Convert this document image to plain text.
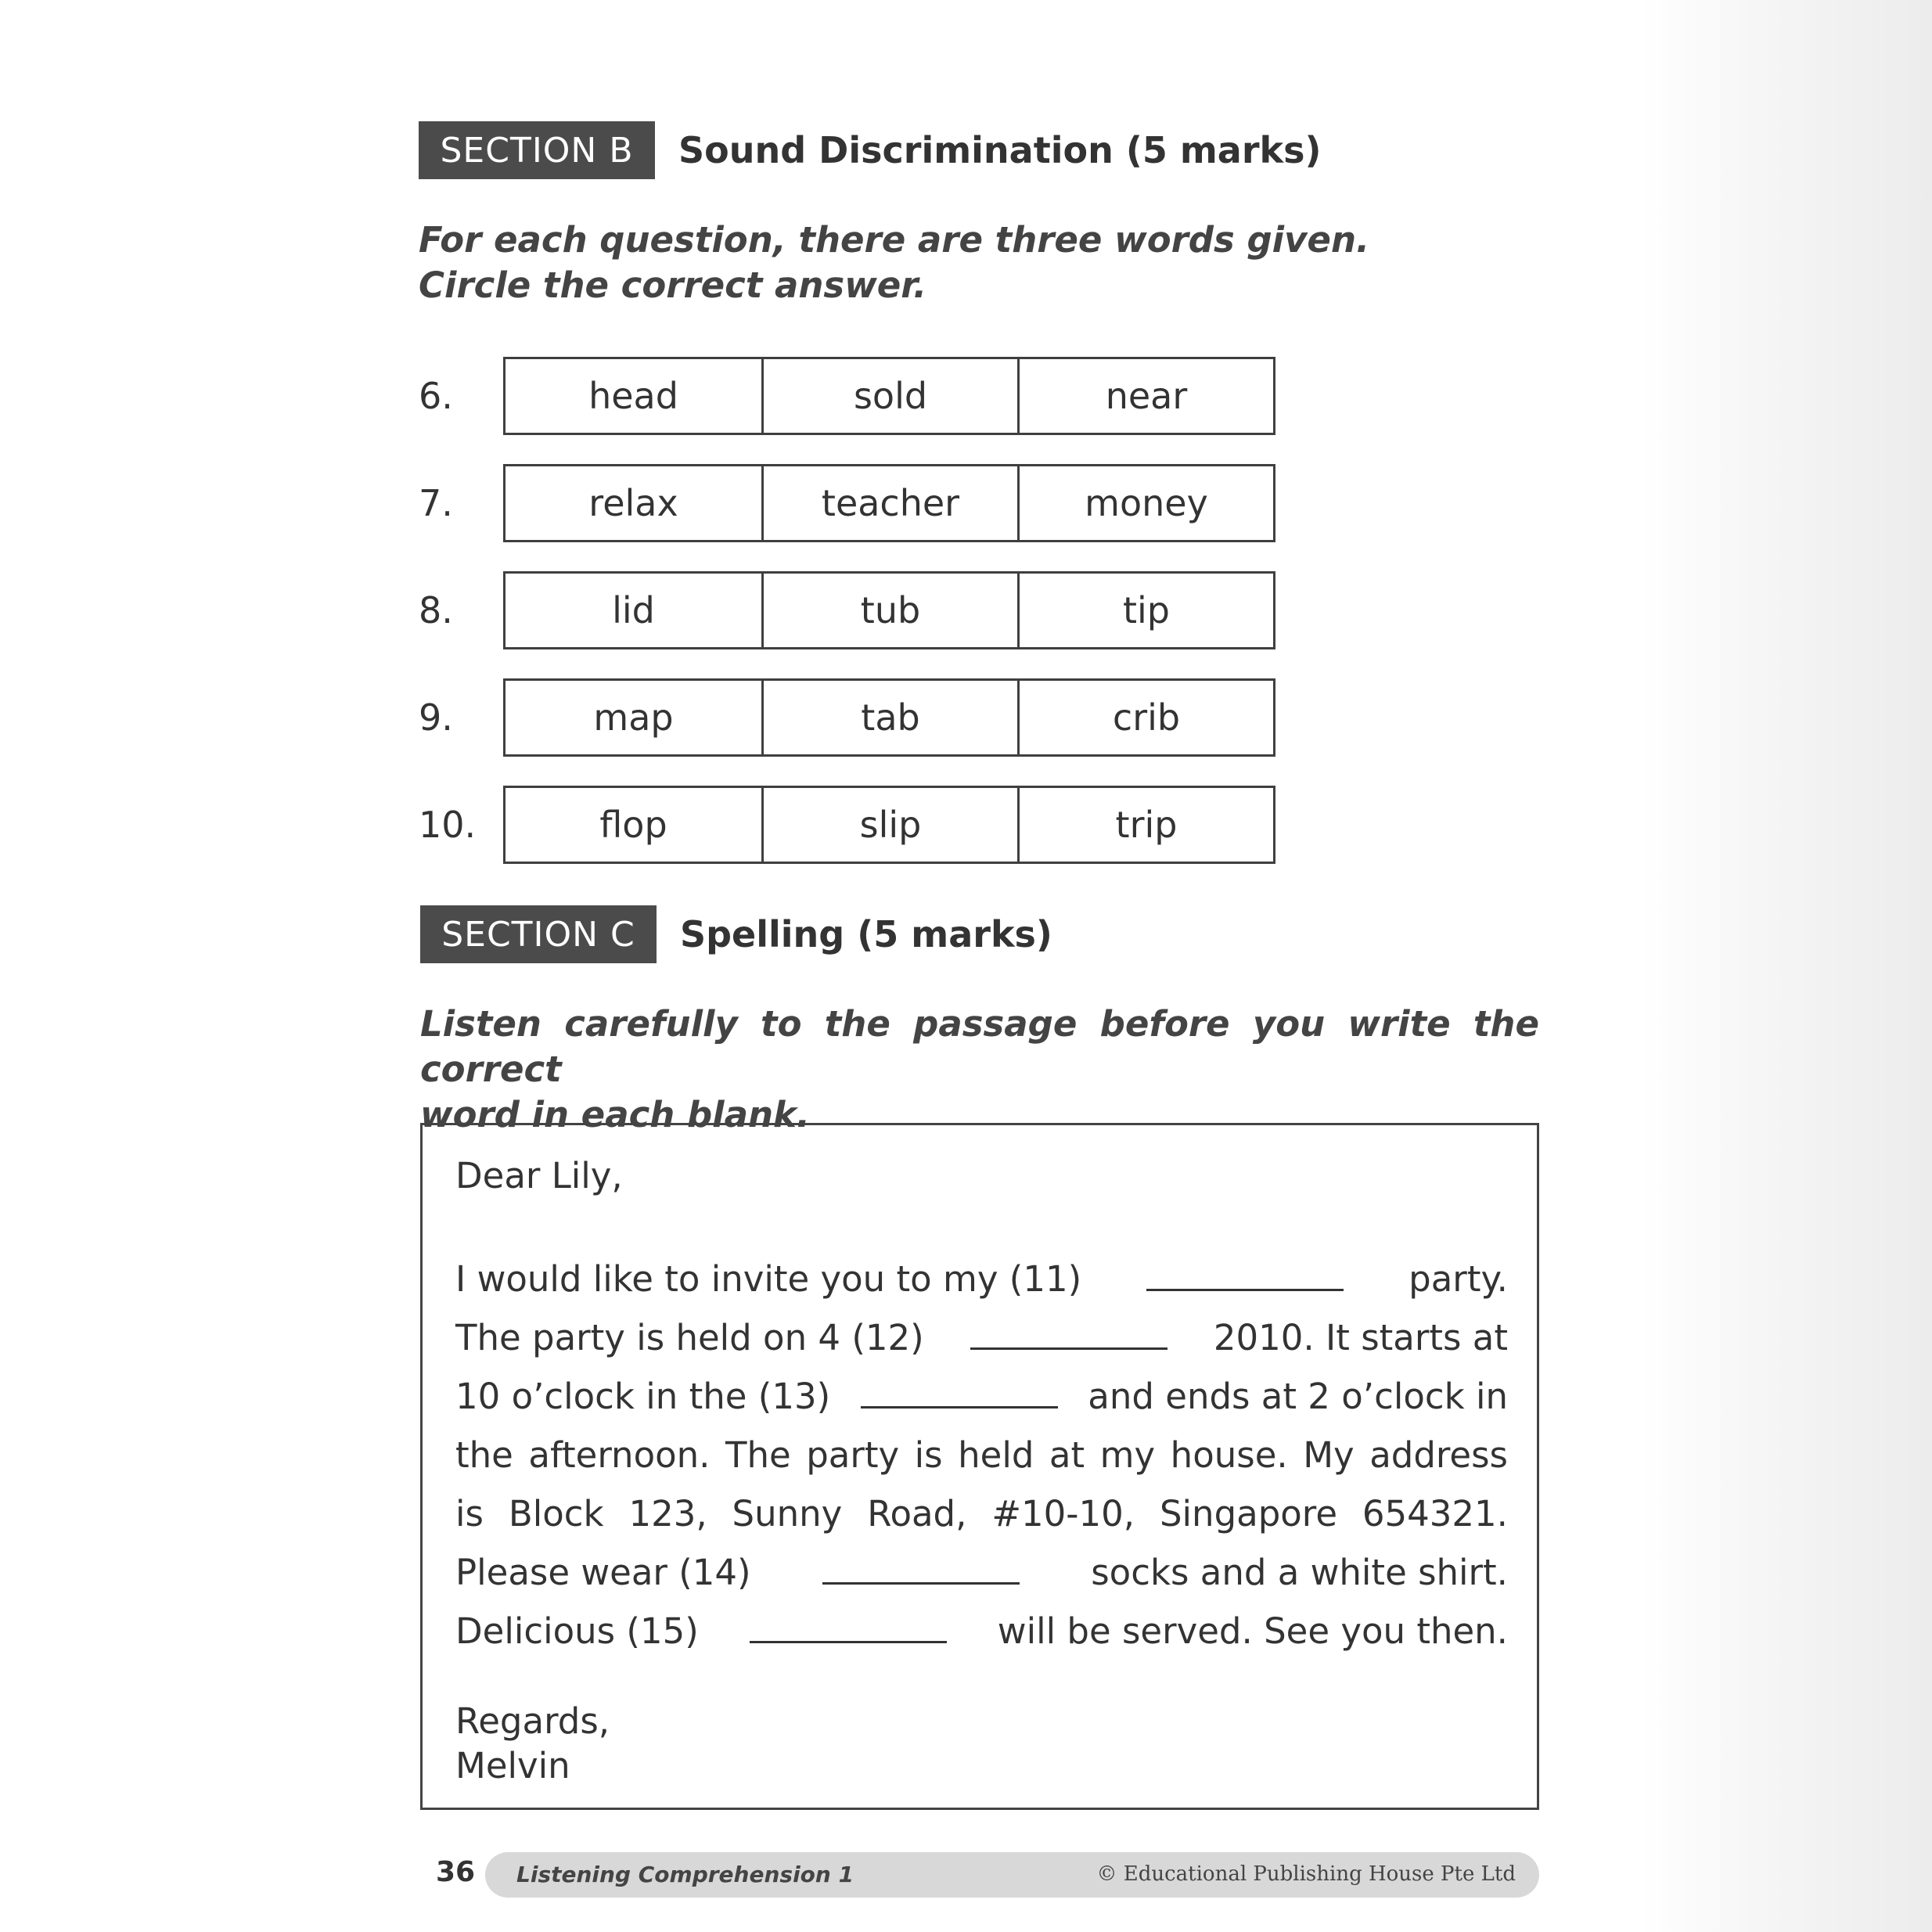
SECTION B	Sound Discrimination (5 marks)
For each question, there are three words given.
Circle the correct answer.
6.	head	sold	near
7.	relax	teacher	money
8.	lid	tub	tip
9.	map	tab	crib
10.	flop	slip	trip
SECTION C	Spelling (5 marks)
Listen carefully to the passage before you write the correct
word in each blank.
Dear Lily,
I would like to invite you to my (11)	party.
The party is held on 4 (12)	2010. It starts at
10 o’clock in the (13)	and ends at 2 o’clock in
the afternoon. The party is held at my house. My address
is Block 123, Sunny Road, #10-10, Singapore 654321.
Please wear (14)	socks and a white shirt.
Delicious (15)	will be served. See you then.
Regards,
Melvin
36 Listening Comprehension 1	© Educational Publishing House Pte Ltd
